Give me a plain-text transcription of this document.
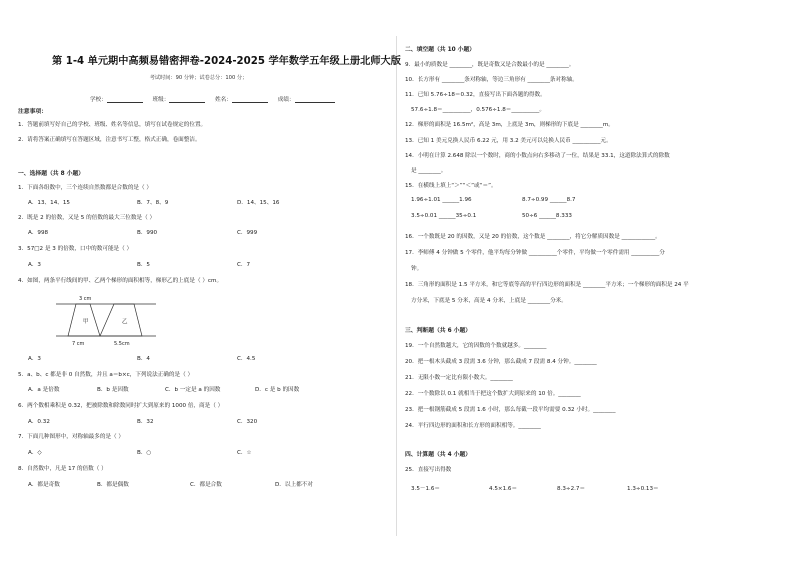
第 1-4 单元期中高频易错密押卷-2024-2025 学年数学五年级上册北师大版
考试时间：90 分钟；试卷总分：100 分；
学校：	班级：	姓名：	成绩：
注意事项：
1．答题前填写好自己的学校、班级、姓名等信息，填写在试卷规定的位置。
2．请将答案正确填写在答题区域，注意书写工整，格式正确，卷面整洁。
一、选择题（共 8 小题）
1．下面各组数中，三个连续自然数都是合数的是（ ）
A．13、14、15	B．7、8、9	D．14、15、16
2．既是 2 的倍数，又是 5 的倍数的最大三位数是（ ）
A．998	B．990	C．999
3．57□2 是 3 的倍数，口中的数可能是（ ）
A．3	B．5	C．7
4．如图，两条平行线间的甲、乙两个梯形的面积相等，梯形乙的上底是（ ）cm。
3 cm
甲	乙
7 cm	5.5cm
A．3	B．4	C．4.5
5．a、b、c 都是非 0 自然数，并且 a＝b×c，下列说法正确的是（ ）
A．a 是倍数	B．b 是因数	C．b 一定是 a 的因数	D．c 是 b 的因数
6．两个数相乘积是 0.32，把被除数和除数同时扩大到原来的 1000 倍，商是（ ）
A．0.32	B．32	C．320
7．下面几种图形中，对称轴最多的是（ ）
A．◇	B．○	C．☆
8．自然数中，凡是 17 的倍数（ ）
A．都是奇数	B．都是偶数	C．都是合数	D．以上都不对
二、填空题（共 10 小题）
9．最小的质数是 ________，既是奇数又是合数最小的是 ________。
10．长方形有 ________条对称轴，等边三角形有 ________条对称轴。
11．已知 5.76÷18＝0.32，直接写出下面各题的得数。
57.6÷1.8＝__________，0.576÷1.8＝__________。
12．梯形的面积是 16.5m²，高是 3m，上底是 3m，则梯形的下底是 ________m。
13．已知 1 美元兑换人民币 6.22 元，用 3.2 美元可以兑换人民币 __________元。
14．小明在计算 2.648 除以一个数时，商的小数点向右多移动了一位，结果是 33.1，这道除法算式的除数
是 ________。
15．在横线上填上“＞”“＜”或“＝”。
1.96÷1.01 ______1.96	8.7÷0.99 ______8.7
3.5÷0.01 ______35÷0.1	50÷6 ______8.333
16．一个数既是 20 的因数，又是 20 的倍数，这个数是 ________，将它分解质因数是 ____________。
17．李师傅 4 分钟做 5 个零件，他平均每分钟做 __________个零件，平均做一个零件需用 __________分
钟。
18．三角形的面积是 1.5 平方米，和它等底等高的平行四边形的面积是 ________平方米；一个梯形的面积是 24 平
方分米，下底是 5 分米，高是 4 分米，上底是 ________分米。
三、判断题（共 6 小题）
19．一个自然数越大，它的因数的个数就越多。________
20．把一根木头截成 3 段需 3.6 分钟，那么截成 7 段需 8.4 分钟。________
21．无限小数一定比有限小数大。________
22．一个数除以 0.1 就相当于把这个数扩大到原来的 10 倍。________
23．把一根钢筋截成 5 段需 1.6 小时，那么每截一段平均需要 0.32 小时。________
24．平行四边形的面积和长方形的面积相等。________
四、计算题（共 4 小题）
25．直接写出得数
3.5－1.6＝	4.5×1.6＝	8.3÷2.7＝	1.3÷0.13＝
